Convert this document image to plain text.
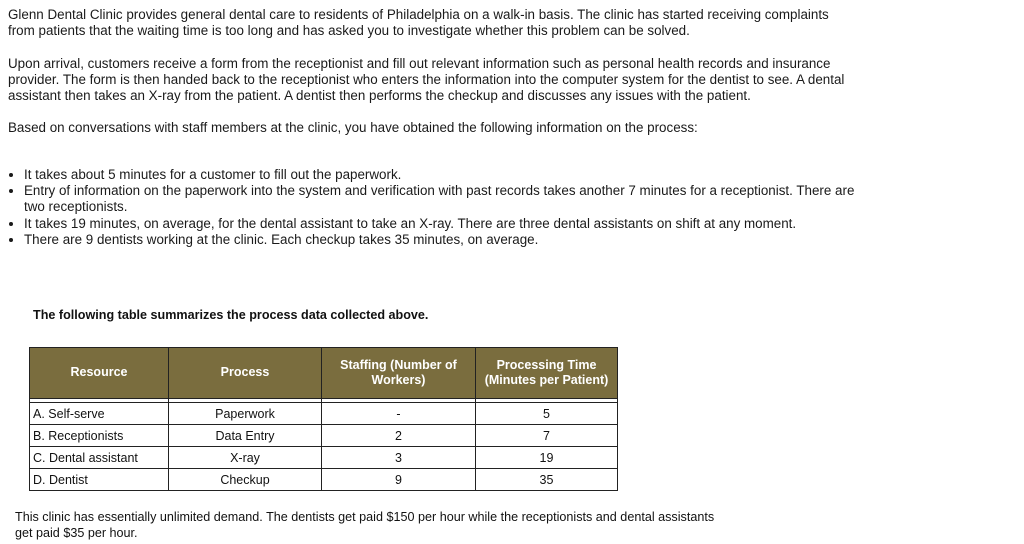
Glenn Dental Clinic provides general dental care to residents of Philadelphia on a walk-in basis. The clinic has started receiving complaints from patients that the waiting time is too long and has asked you to investigate whether this problem can be solved.

Upon arrival, customers receive a form from the receptionist and fill out relevant information such as personal health records and insurance provider. The form is then handed back to the receptionist who enters the information into the computer system for the dentist to see. A dental assistant then takes an X-ray from the patient. A dentist then performs the checkup and discusses any issues with the patient.

Based on conversations with staff members at the clinic, you have obtained the following information on the process:

• It takes about 5 minutes for a customer to fill out the paperwork.
• Entry of information on the paperwork into the system and verification with past records takes another 7 minutes for a receptionist. There are two receptionists.
• It takes 19 minutes, on average, for the dental assistant to take an X-ray. There are three dental assistants on shift at any moment.
• There are 9 dentists working at the clinic. Each checkup takes 35 minutes, on average.
The following table summarizes the process data collected above.
Resource	Process	Staffing (Number of Workers)	Processing Time (Minutes per Patient)

A. Self-serve	Paperwork	-	5
B. Receptionists	Data Entry	2	7
C. Dental assistant	X-ray	3	19
D. Dentist	Checkup	9	35
This clinic has essentially unlimited demand. The dentists get paid $150 per hour while the receptionists and dental assistants get paid $35 per hour.
